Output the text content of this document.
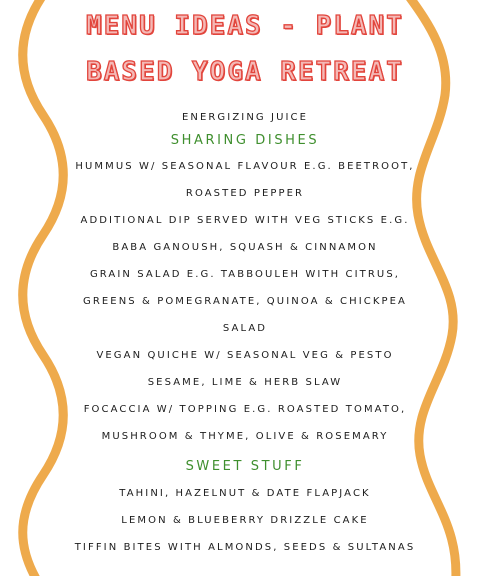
MENU IDEAS - PLANT
BASED YOGA RETREAT
ENERGIZING JUICE
SHARING DISHES
HUMMUS W/ SEASONAL FLAVOUR E.G. BEETROOT,
ROASTED PEPPER
ADDITIONAL DIP SERVED WITH VEG STICKS E.G.
BABA GANOUSH, SQUASH & CINNAMON
GRAIN SALAD E.G. TABBOULEH WITH CITRUS,
GREENS & POMEGRANATE, QUINOA & CHICKPEA
SALAD
VEGAN QUICHE W/ SEASONAL VEG & PESTO
SESAME, LIME & HERB SLAW
FOCACCIA W/ TOPPING E.G. ROASTED TOMATO,
MUSHROOM & THYME, OLIVE & ROSEMARY
SWEET STUFF
TAHINI, HAZELNUT & DATE FLAPJACK
LEMON & BLUEBERRY DRIZZLE CAKE
TIFFIN BITES WITH ALMONDS, SEEDS & SULTANAS
